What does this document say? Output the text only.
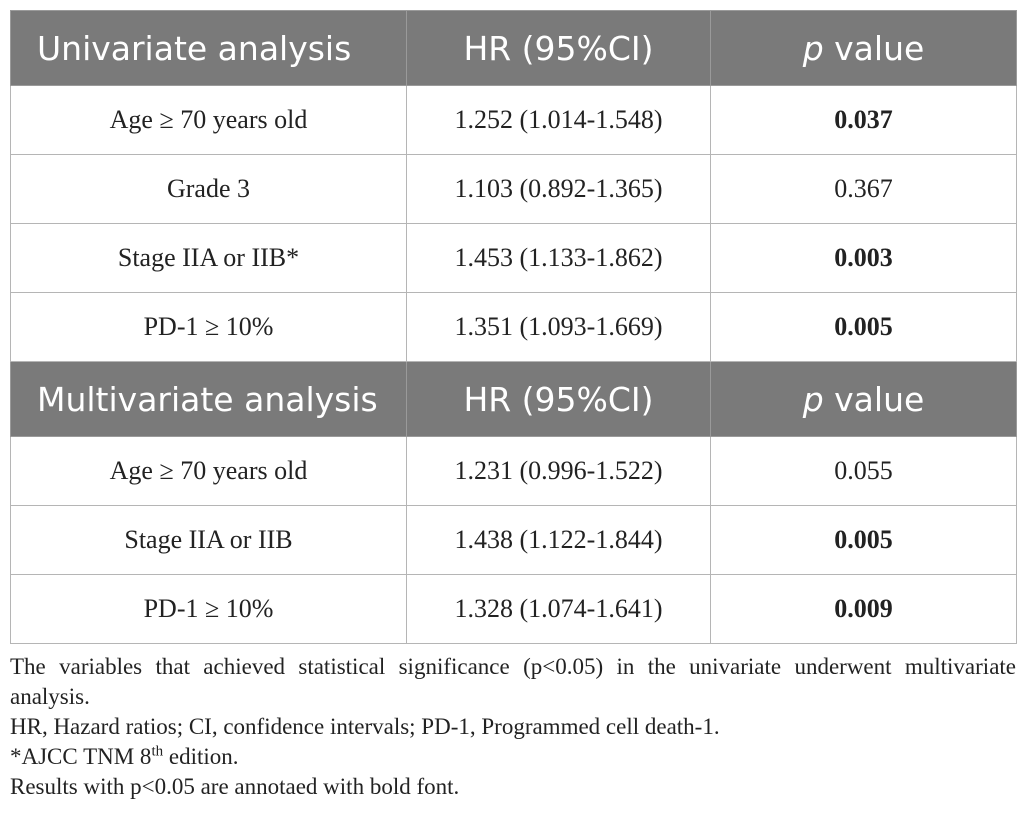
Univariate analysis	HR (95%CI)	p value
Age ≥ 70 years old	1.252 (1.014-1.548)	0.037
Grade 3	1.103 (0.892-1.365)	0.367
Stage IIA or IIB*	1.453 (1.133-1.862)	0.003
PD-1 ≥ 10%	1.351 (1.093-1.669)	0.005
Multivariate analysis	HR (95%CI)	p value
Age ≥ 70 years old	1.231 (0.996-1.522)	0.055
Stage IIA or IIB	1.438 (1.122-1.844)	0.005
PD-1 ≥ 10%	1.328 (1.074-1.641)	0.009

The variables that achieved statistical significance (p<0.05) in the univariate underwent multivariate analysis.

HR, Hazard ratios; CI, confidence intervals; PD-1, Programmed cell death-1.

*AJCC TNM 8th edition.

Results with p<0.05 are annotaed with bold font.
